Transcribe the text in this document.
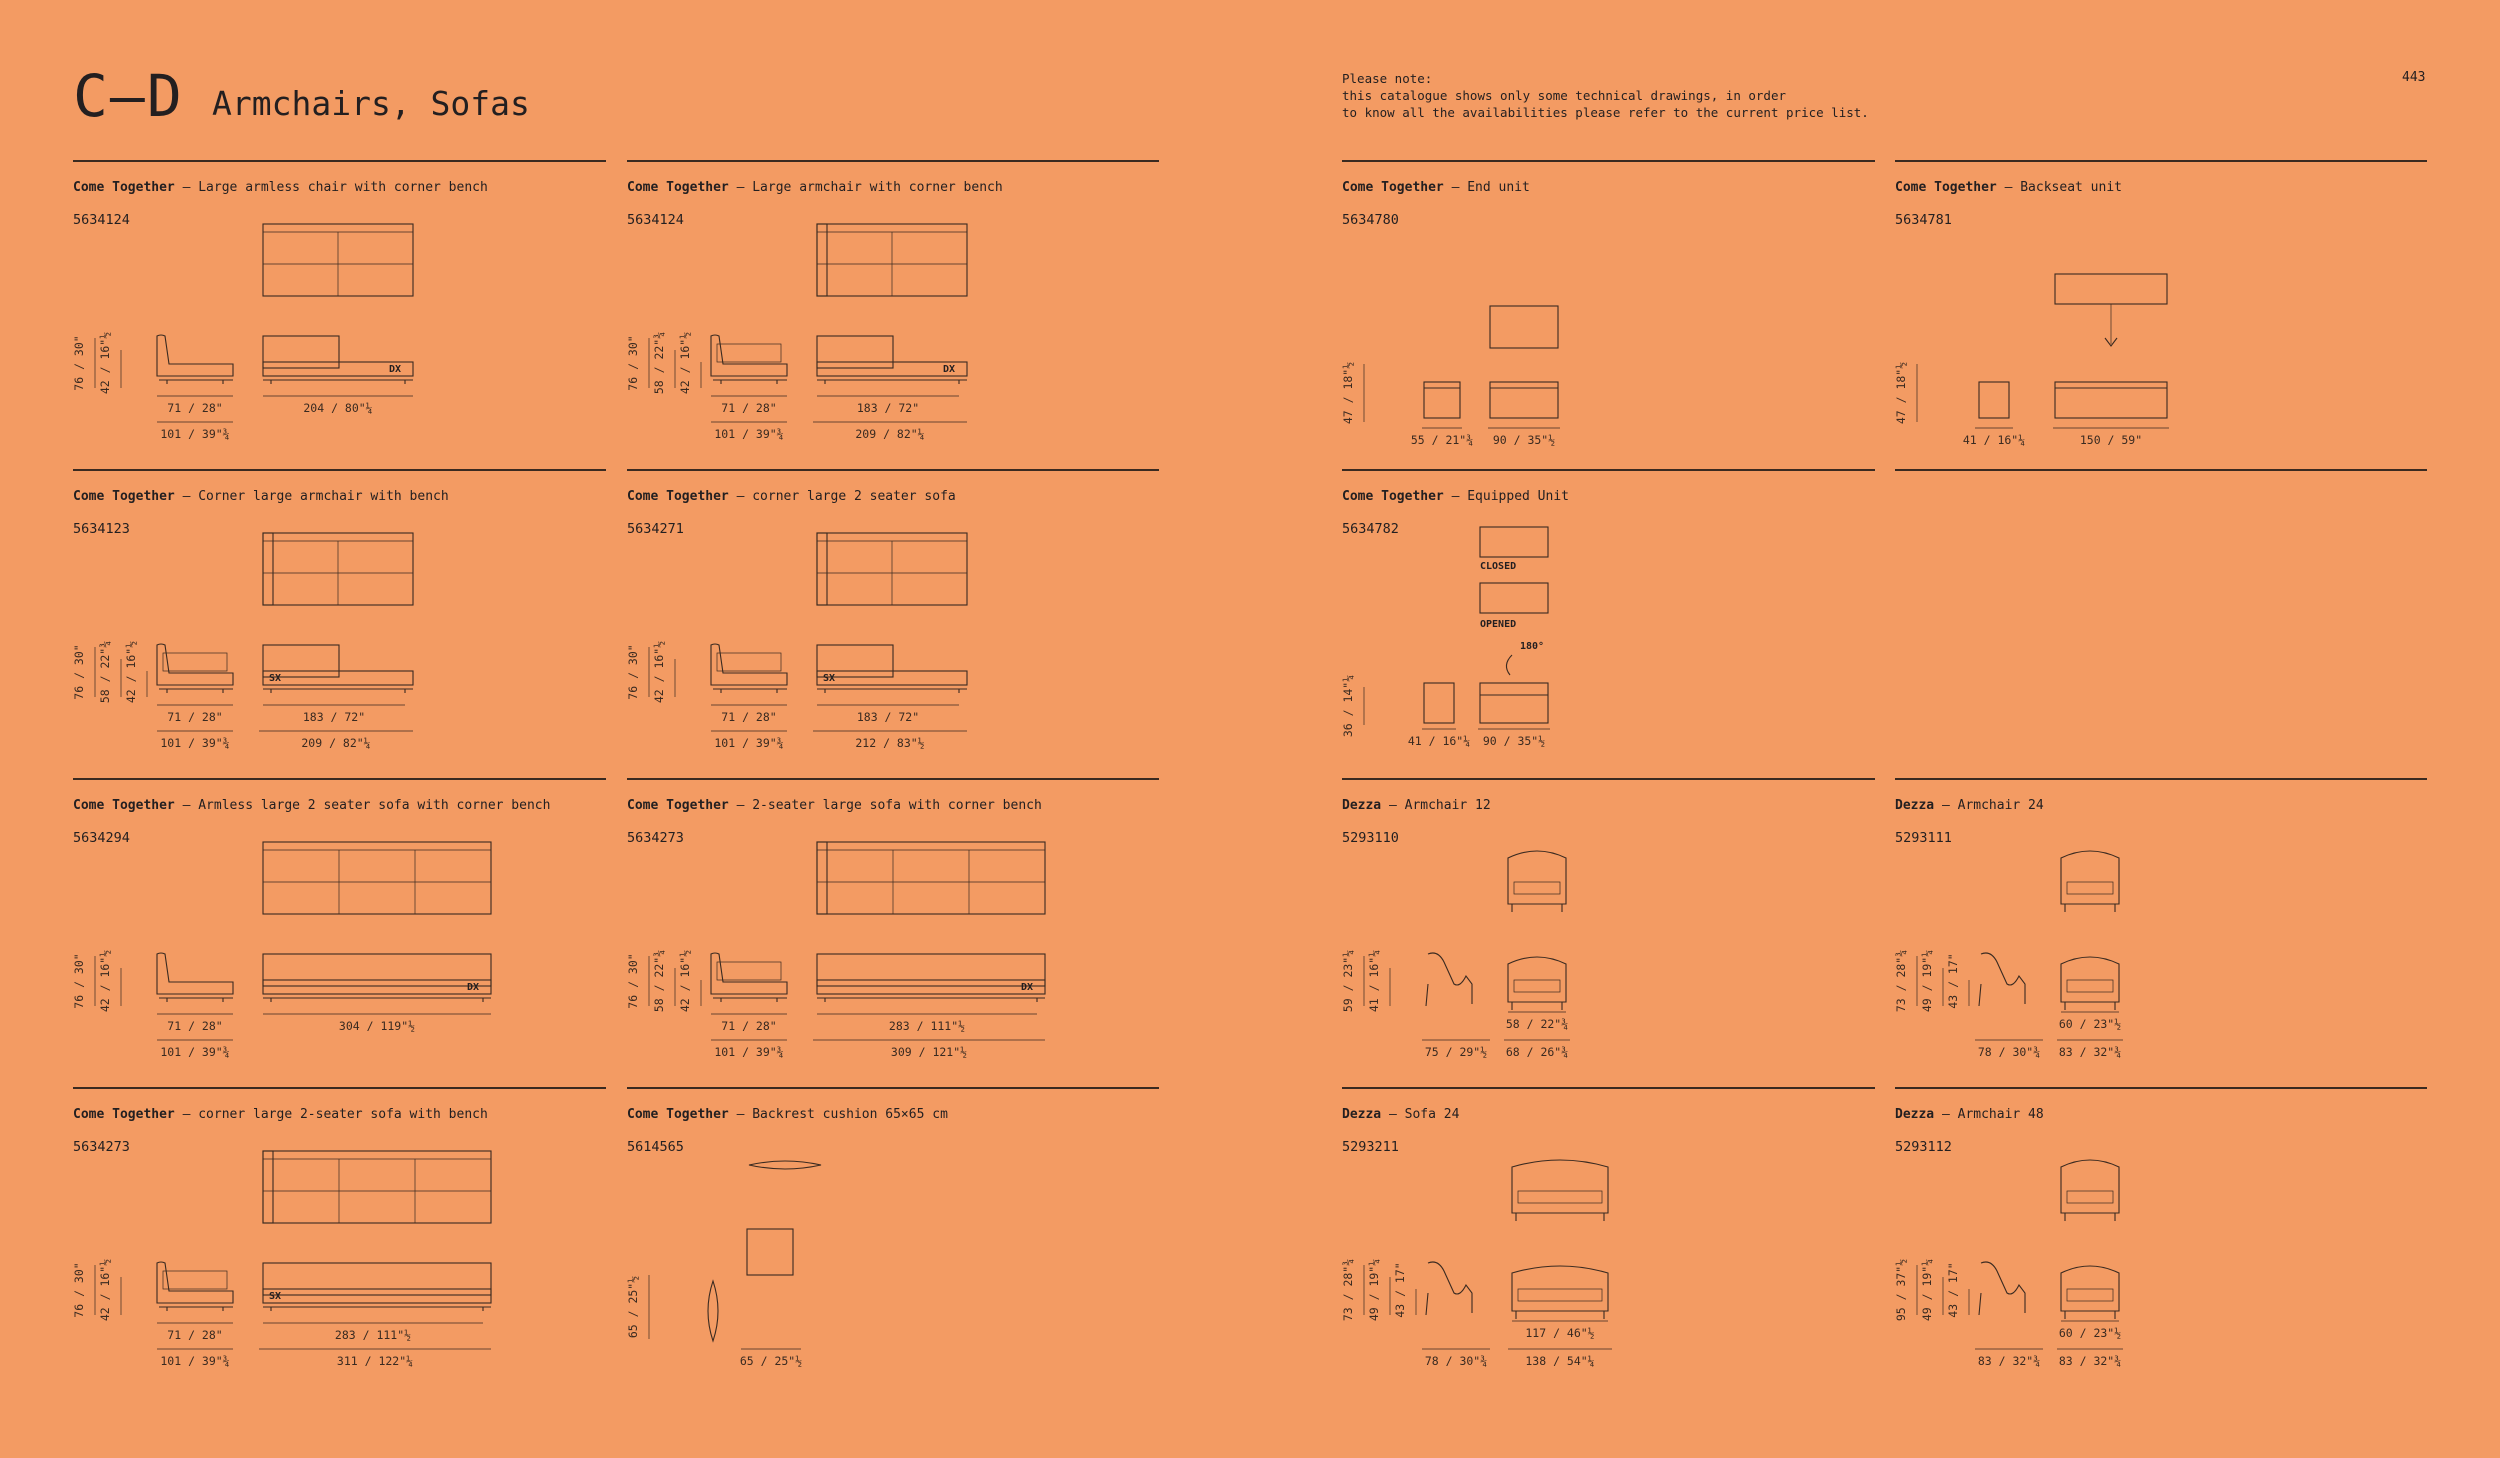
C—D Armchairs, Sofas
Please note:
this catalogue shows only some technical drawings, in order
to know all the availabilities please refer to the current price list.
443
Come Together — Large armless chair with corner bench
5634124
76 / 30" 42 / 16"½	DX
71 / 28"
101 / 39"¾
204 / 80"¼
Come Together — Large armchair with corner bench
5634124
76 / 30" 58 / 22"¾ 42 / 16"½	DX
71 / 28"
101 / 39"¾
183 / 72"
209 / 82"¼
Come Together — End unit
5634780
47 / 18"½
55 / 21"¾ 90 / 35"½
Come Together — Backseat unit
5634781
47 / 18"½
41 / 16"¼	150 / 59"
Come Together — Corner large armchair with bench
5634123
76 / 30" 58 / 22"¾ 42 / 16"½	SX
71 / 28"
101 / 39"¾
183 / 72"
209 / 82"¼
Come Together — corner large 2 seater sofa
5634271
76 / 30" 42 / 16"½	SX
71 / 28"
101 / 39"¾
183 / 72"
212 / 83"½
Come Together — Equipped Unit
5634782
36 / 14"¼
CLOSED
OPENED
180°
41 / 16"¼ 90 / 35"½
Come Together — Armless large 2 seater sofa with corner bench
5634294
76 / 30" 42 / 16"½	DX
71 / 28"
101 / 39"¾
304 / 119"½
Come Together — 2-seater large sofa with corner bench
5634273
76 / 30" 58 / 22"¾ 42 / 16"½	DX
71 / 28"
101 / 39"¾
283 / 111"½
309 / 121"½
Dezza — Armchair 12
5293110
59 / 23"¼ 41 / 16"¼
75 / 29"½
58 / 22"¾
68 / 26"¾
Dezza — Armchair 24
5293111
73 / 28"¾ 49 / 19"¼ 43 / 17"
78 / 30"¾
60 / 23"½
83 / 32"¾
Come Together — corner large 2-seater sofa with bench
5634273
76 / 30" 42 / 16"½	SX
71 / 28"
101 / 39"¾
283 / 111"½
311 / 122"¼
Come Together — Backrest cushion 65×65 cm
5614565
65 / 25"½
65 / 25"½
Dezza — Sofa 24
5293211
73 / 28"¾ 49 / 19"¼ 43 / 17"
78 / 30"¾
117 / 46"½
138 / 54"¼
Dezza — Armchair 48
5293112
95 / 37"½ 49 / 19"¼ 43 / 17"
83 / 32"¾
60 / 23"½
83 / 32"¾
